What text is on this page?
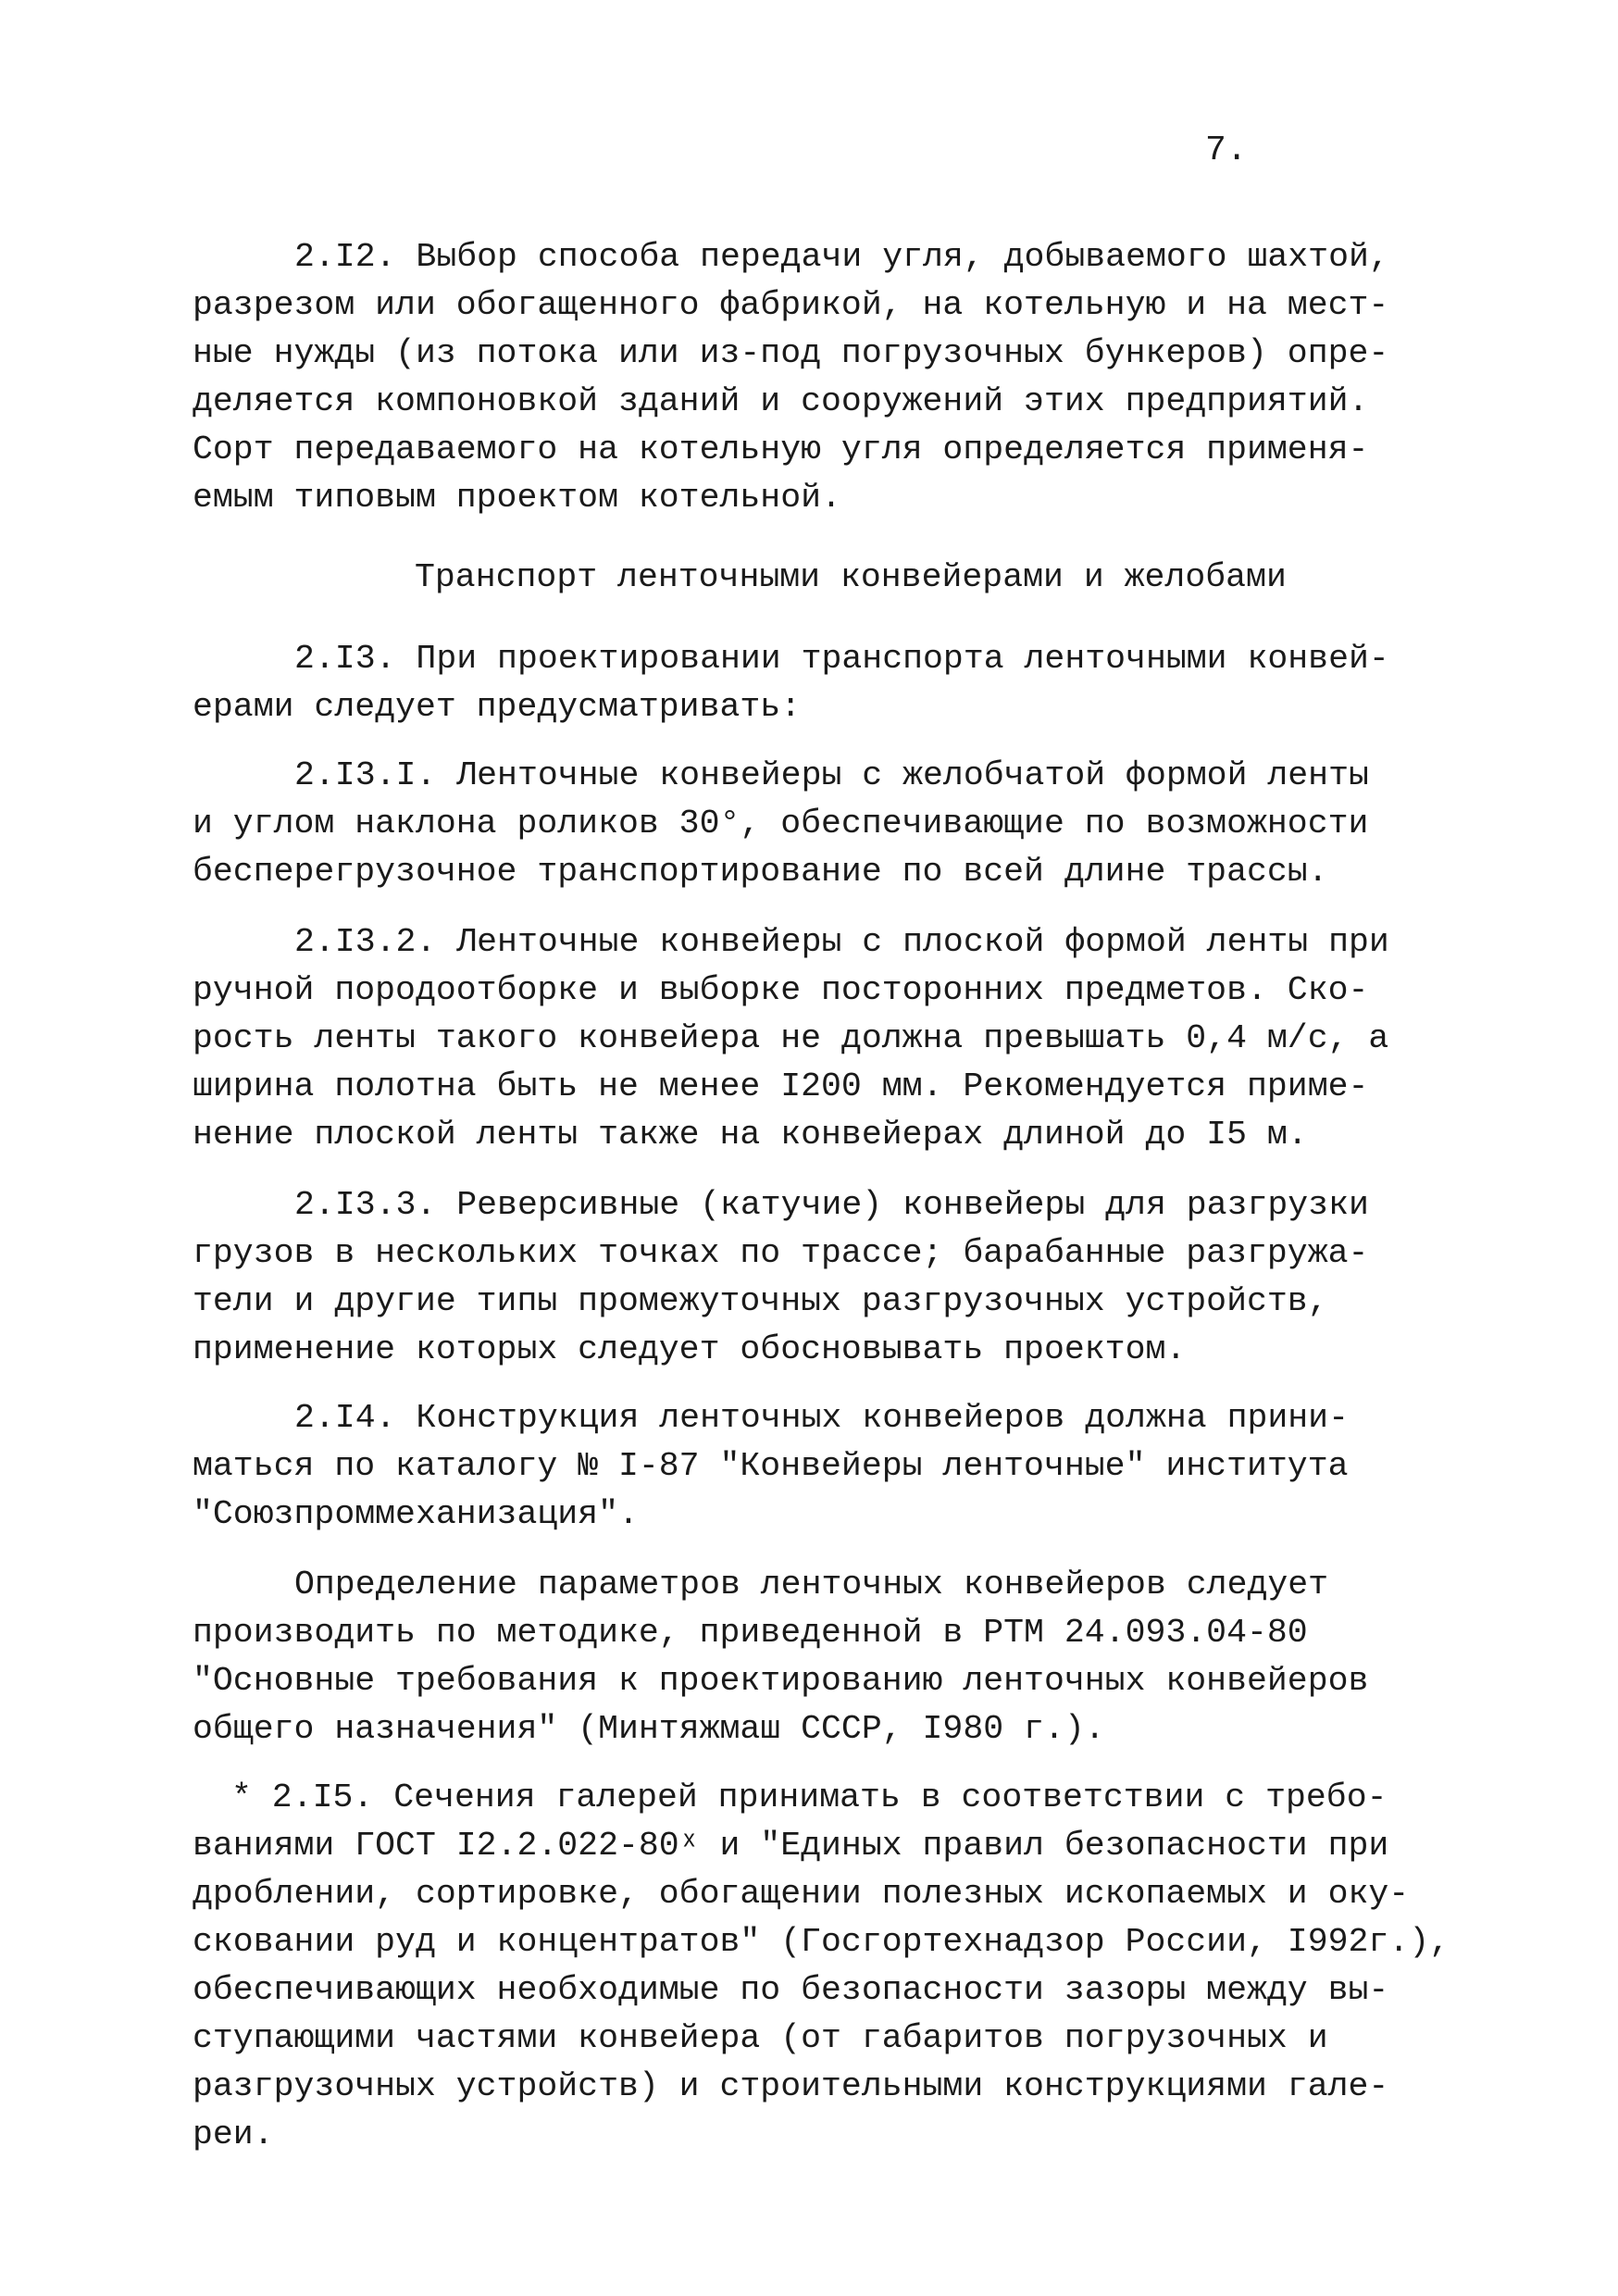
7.
2.I2. Выбор способа передачи угля, добываемого шахтой,
разрезом или обогащенного фабрикой, на котельную и на мест-
ные нужды (из потока или из-под погрузочных бункеров) опре-
деляется компоновкой зданий и сооружений этих предприятий.
Сорт передаваемого на котельную угля определяется применя-
емым типовым проектом котельной.
Транспорт ленточными конвейерами и желобами
2.I3. При проектировании транспорта ленточными конвей-
ерами следует предусматривать:
2.I3.I. Ленточные конвейеры с желобчатой формой ленты
и углом наклона роликов 30°, обеспечивающие по возможности
бесперегрузочное транспортирование по всей длине трассы.
2.I3.2. Ленточные конвейеры с плоской формой ленты при
ручной породоотборке и выборке посторонних предметов. Ско-
рость ленты такого конвейера не должна превышать 0,4 м/с, а
ширина полотна быть не менее I200 мм. Рекомендуется приме-
нение плоской ленты также на конвейерах длиной до I5 м.
2.I3.3. Реверсивные (катучие) конвейеры для разгрузки
грузов в нескольких точках по трассе; барабанные разгружа-
тели и другие типы промежуточных разгрузочных устройств,
применение которых следует обосновывать проектом.
2.I4. Конструкция ленточных конвейеров должна прини-
маться по каталогу № I-87 "Конвейеры ленточные" института
"Союзпроммеханизация".
Определение параметров ленточных конвейеров следует
производить по методике, приведенной в РТМ 24.093.04-80
"Основные требования к проектированию ленточных конвейеров
общего назначения" (Минтяжмаш СССР, I980 г.).
* 2.I5. Сечения галерей принимать в соответствии с требо-
ваниями ГОСТ I2.2.022-80ˣ и "Единых правил безопасности при
дроблении, сортировке, обогащении полезных ископаемых и оку-
сковании руд и концентратов" (Госгортехнадзор России, I992г.),
обеспечивающих необходимые по безопасности зазоры между вы-
ступающими частями конвейера (от габаритов погрузочных и
разгрузочных устройств) и строительными конструкциями гале-
реи.
